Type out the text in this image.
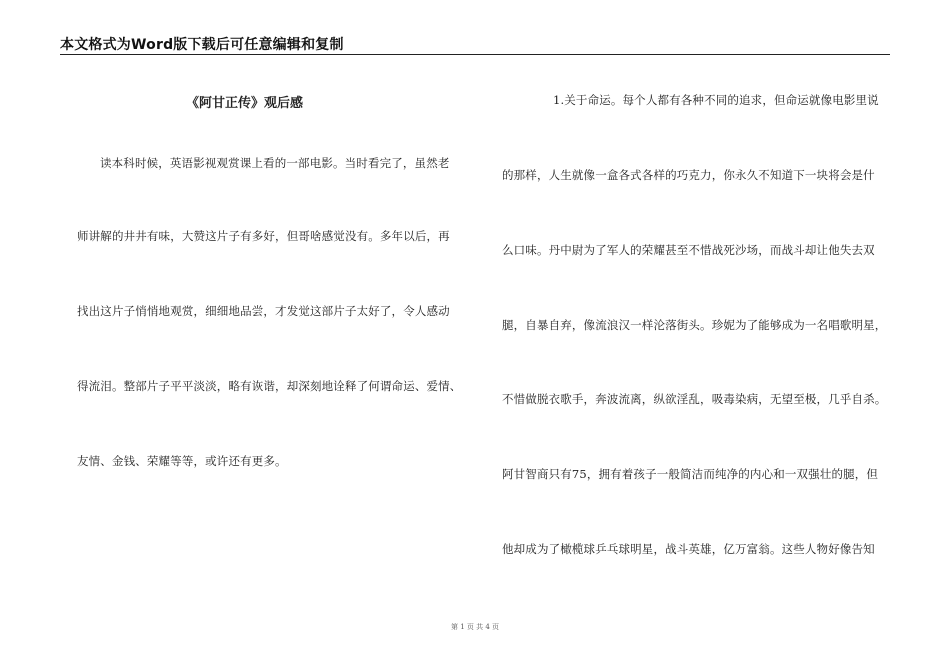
本文格式为Word版下载后可任意编辑和复制
《阿甘正传》观后感
读本科时候，英语影视观赏课上看的一部电影。当时看完了，虽然老
师讲解的井井有味，大赞这片子有多好，但哥啥感觉没有。多年以后，再
找出这片子悄悄地观赏，细细地品尝，才发觉这部片子太好了，令人感动
得流泪。整部片子平平淡淡，略有诙谐，却深刻地诠释了何谓命运、爱情、
友情、金钱、荣耀等等，或许还有更多。
1.关于命运。每个人都有各种不同的追求，但命运就像电影里说
的那样，人生就像一盒各式各样的巧克力，你永久不知道下一块将会是什
么口味。丹中尉为了军人的荣耀甚至不惜战死沙场，而战斗却让他失去双
腿，自暴自弃，像流浪汉一样沦落街头。珍妮为了能够成为一名唱歌明星，
不惜做脱衣歌手，奔波流离，纵欲淫乱，吸毒染病，无望至极，几乎自杀。
阿甘智商只有75，拥有着孩子一般简洁而纯净的内心和一双强壮的腿，但
他却成为了橄榄球乒乓球明星，战斗英雄，亿万富翁。这些人物好像告知
第 1 页 共 4 页
